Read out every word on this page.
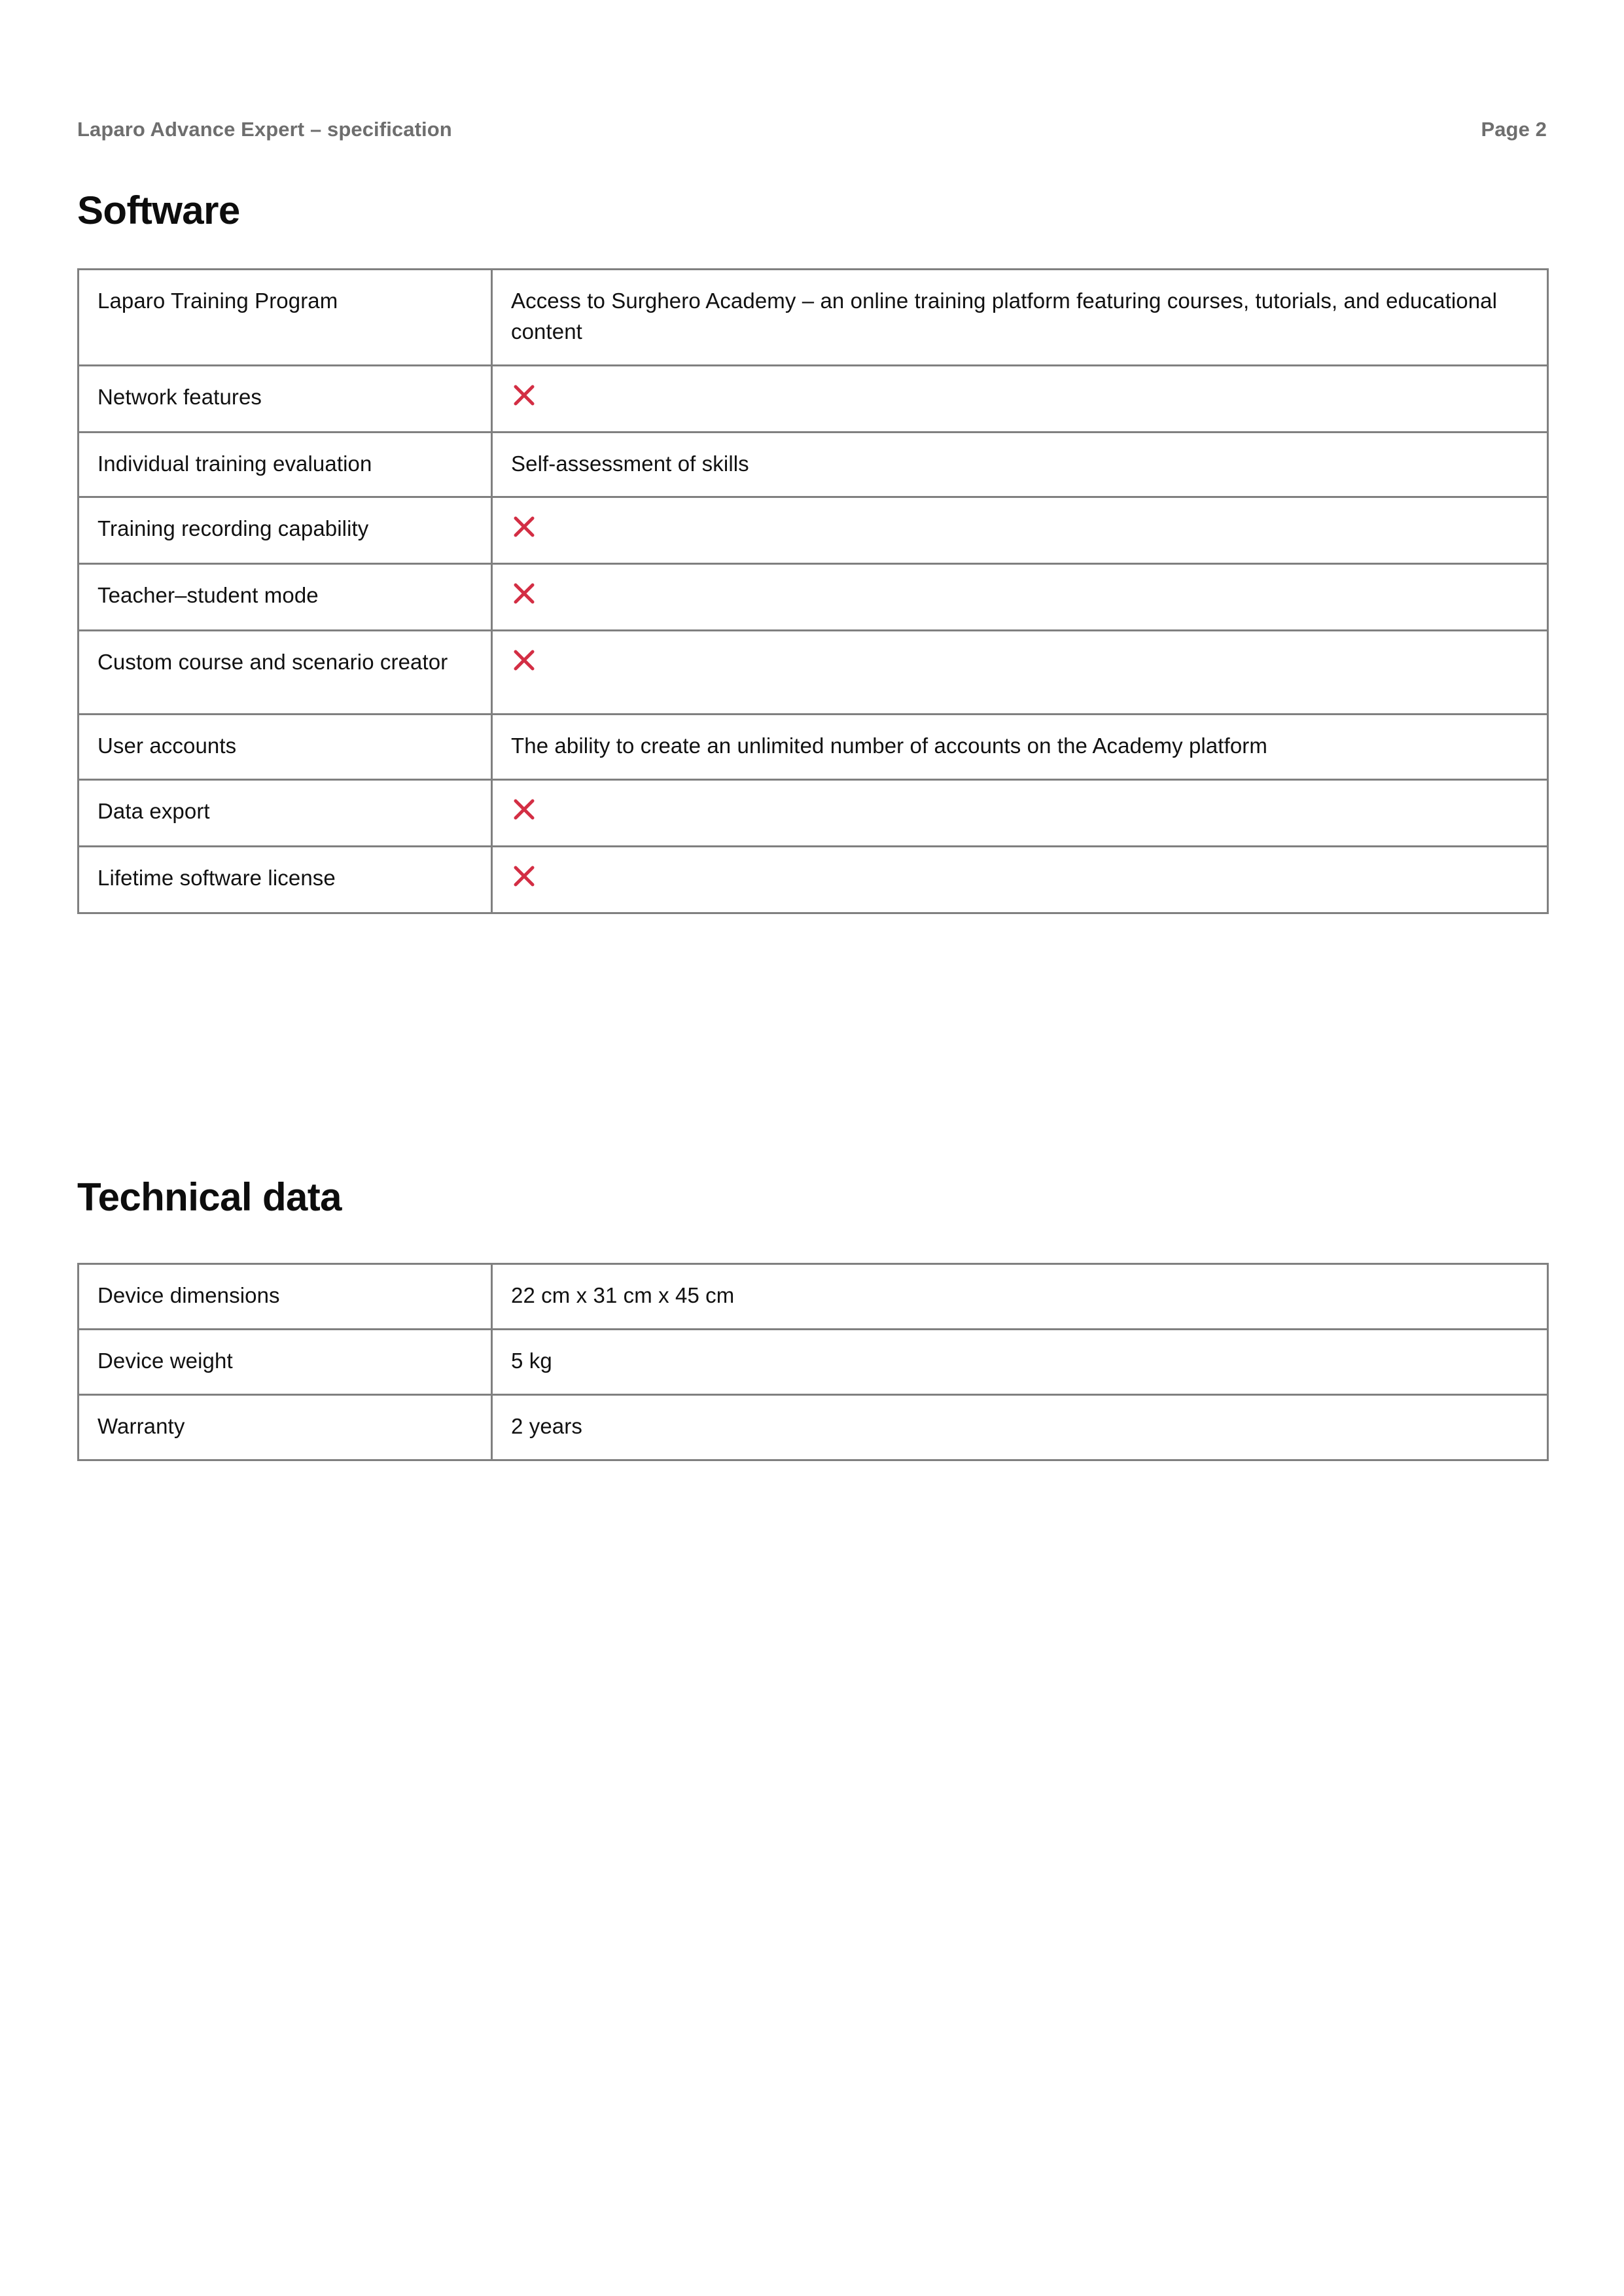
Laparo Advance Expert – specification	Page 2
Software
Laparo Training Program	Access to Surghero Academy – an online training platform featuring courses, tutorials, and educational content

Network features	

Individual training evaluation	Self-assessment of skills

Training recording capability	

Teacher–student mode	

Custom course and scenario creator	

User accounts	The ability to create an unlimited number of accounts on the Academy platform

Data export	

Lifetime software license	
Technical data
Device dimensions	22 cm x 31 cm x 45 cm

Device weight	5 kg

Warranty	2 years
